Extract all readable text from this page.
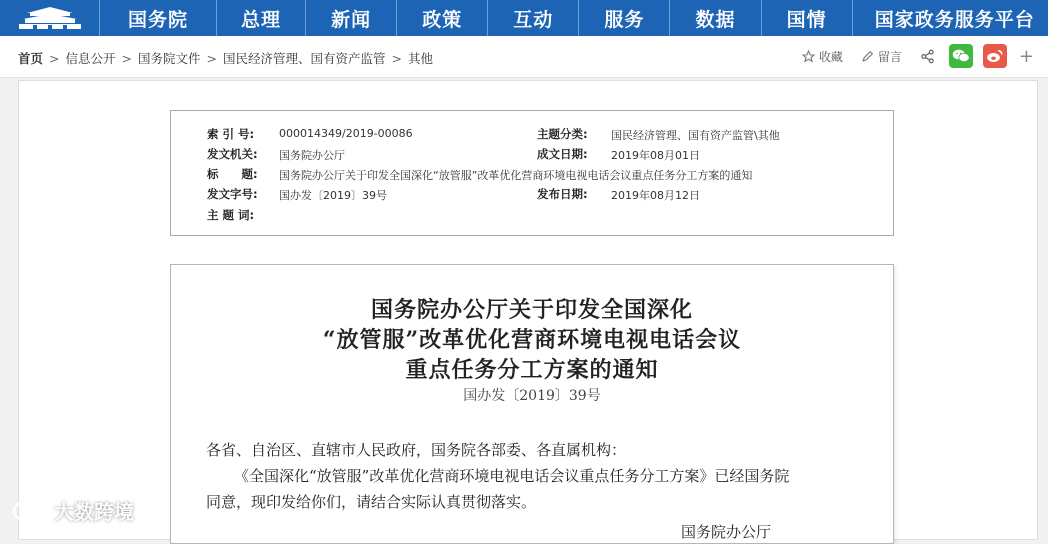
国务院	总理	新闻	政策	互动	服务	数据	国情	国家政务服务平台
首页 > 信息公开 > 国务院文件 > 国民经济管理、国有资产监管 > 其他	收藏	留言	+
索 引 号: 000014349/2019-00086	主题分类: 国民经济管理、国有资产监管\其他
发文机关: 国务院办公厅	成文日期: 2019年08月01日
标　　题: 国务院办公厅关于印发全国深化“放管服”改革优化营商环境电视电话会议重点任务分工方案的通知
发文字号: 国办发〔2019〕39号	发布日期: 2019年08月12日
主 题 词:
国务院办公厅关于印发全国深化
“放管服”改革优化营商环境电视电话会议
重点任务分工方案的通知
国办发〔2019〕39号
各省、自治区、直辖市人民政府，国务院各部委、各直属机构：
《全国深化“放管服”改革优化营商环境电视电话会议重点任务分工方案》已经国务院
同意，现印发给你们，请结合实际认真贯彻落实。
国务院办公厅
大数跨境
